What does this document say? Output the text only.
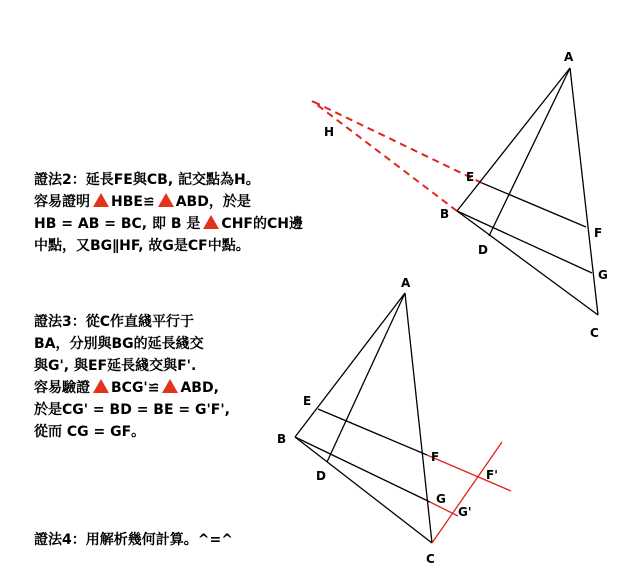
A
H
E
B
F
D
G
C
A
E
B
D
F
F'
G
G'
C
證法2：延長FE與CB, 記交點為H。
容易證明 HBE≌ ABD，於是
HB = AB = BC, 即 B 是 CHF的CH邊
中點，又BG∥HF, 故G是CF中點。
證法3：從C作直綫平行于
BA，分別與BG的延長綫交
與G', 與EF延長綫交與F'.
容易驗證 BCG'≌ ABD,
於是CG' = BD = BE = G'F',
從而 CG = GF。
證法4：用解析幾何計算。^=^
